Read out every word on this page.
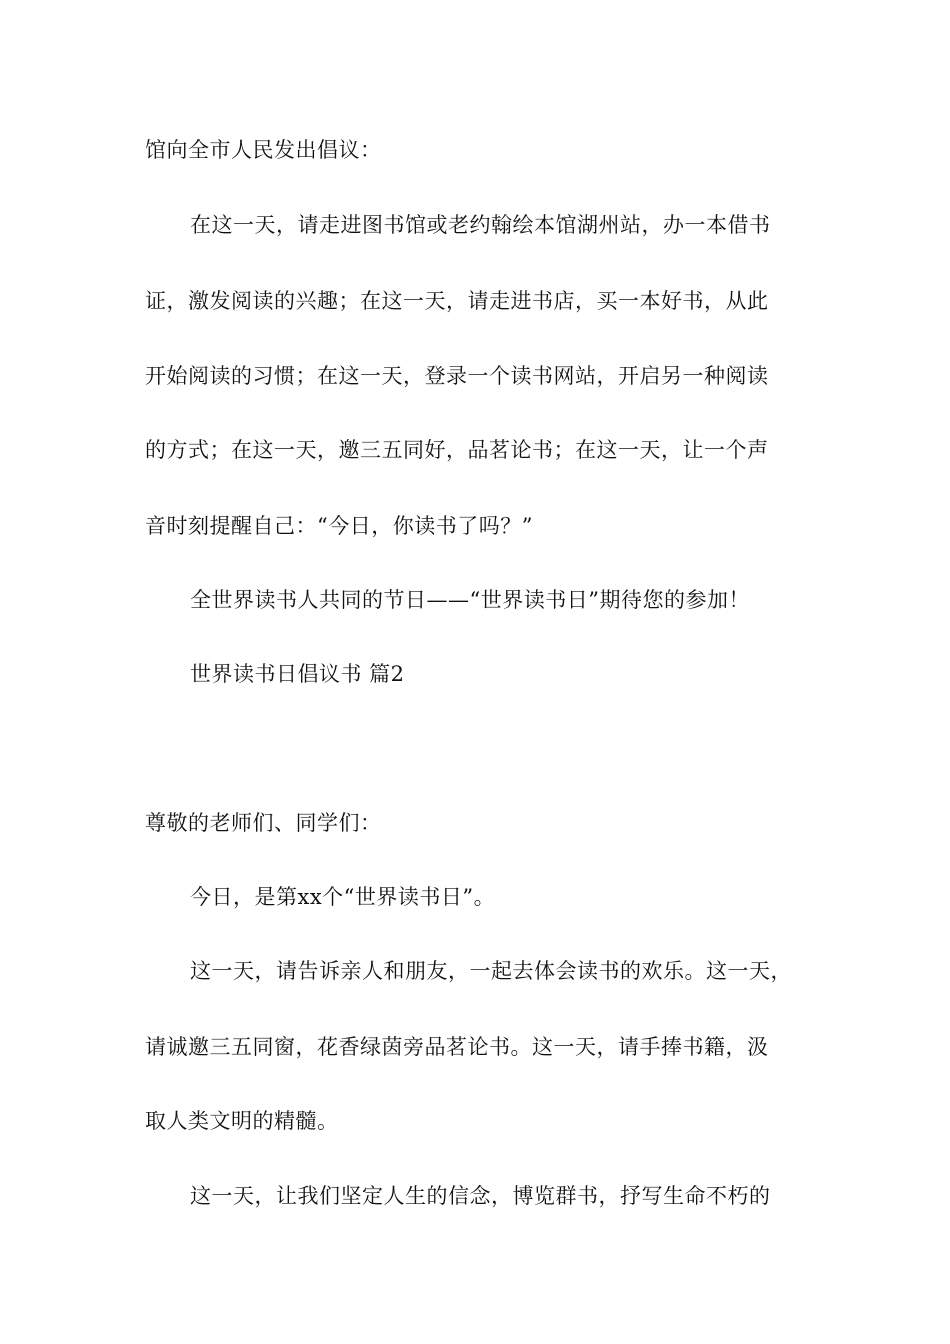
馆向全市人民发出倡议：
在这一天，请走进图书馆或老约翰绘本馆湖州站，办一本借书
证，激发阅读的兴趣；在这一天，请走进书店，买一本好书，从此
开始阅读的习惯；在这一天，登录一个读书网站，开启另一种阅读
的方式；在这一天，邀三五同好，品茗论书；在这一天，让一个声
音时刻提醒自己：“今日，你读书了吗？”
全世界读书人共同的节日——“世界读书日”期待您的参加！
世界读书日倡议书 篇2
尊敬的老师们、同学们：
今日，是第xx个“世界读书日”。
这一天，请告诉亲人和朋友，一起去体会读书的欢乐。这一天，
请诚邀三五同窗，花香绿茵旁品茗论书。这一天，请手捧书籍，汲
取人类文明的精髓。
这一天，让我们坚定人生的信念，博览群书，抒写生命不朽的
